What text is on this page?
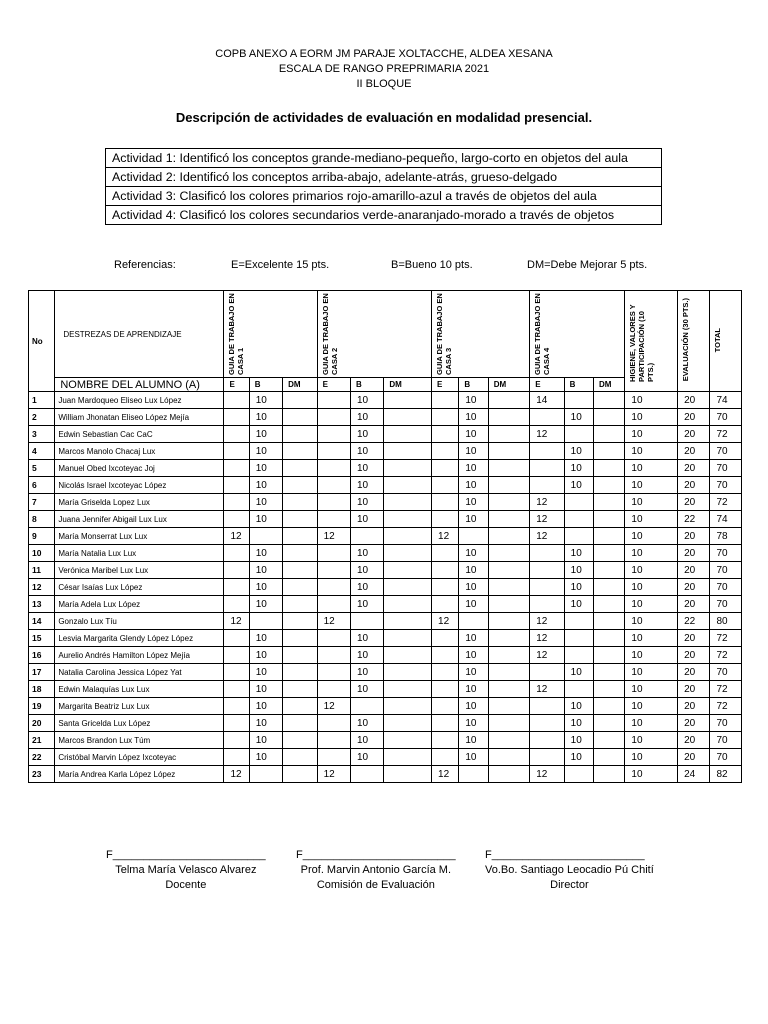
COPB ANEXO A EORM JM PARAJE XOLTACCHE, ALDEA XESANA
ESCALA DE RANGO PREPRIMARIA 2021
II BLOQUE
Descripción de actividades de evaluación en modalidad presencial.
Actividad 1: Identificó los conceptos grande-mediano-pequeño, largo-corto en objetos del aula
Actividad 2: Identificó los conceptos arriba-abajo, adelante-atrás, grueso-delgado
Actividad 3: Clasificó los colores primarios rojo-amarillo-azul a través de objetos del aula
Actividad 4: Clasificó los colores secundarios verde-anaranjado-morado a través de objetos
Referencias:	E=Excelente 15 pts.	B=Bueno 10 pts.	DM=Debe Mejorar 5 pts.
No	DESTREZAS DE APRENDIZAJE	GUIA DE TRABAJO EN CASA 1			GUIA DE TRABAJO EN CASA 2			GUIA DE TRABAJO EN CASA 3			GUIA DE TRABAJO EN CASA 4			HIGIENE, VALORES Y PARTICIPACIÓN (10 PTS.)	EVALUACIÓN (30 PTS.)	TOTAL
	NOMBRE DEL ALUMNO (A)	E	B	DM	E	B	DM	E	B	DM	E	B	DM			
1	Juan Mardoqueo Eliseo Lux López		10			10			10		14			10	20	74
2	William Jhonatan Eliseo López Mejía		10			10			10			10		10	20	70
3	Edwin Sebastian Cac CaC		10			10			10		12			10	20	72
4	Marcos Manolo Chacaj Lux		10			10			10			10		10	20	70
5	Manuel Obed Ixcoteyac Joj		10			10			10			10		10	20	70
6	Nicolás Israel Ixcoteyac López		10			10			10			10		10	20	70
7	María Griselda Lopez Lux		10			10			10		12			10	20	72
8	Juana Jennifer Abigail Lux Lux		10			10			10		12			10	22	74
9	María Monserrat Lux Lux	12			12			12			12			10	20	78
10	María Natalia Lux Lux		10			10			10			10		10	20	70
11	Verónica Maribel Lux Lux		10			10			10			10		10	20	70
12	César Isaías Lux López		10			10			10			10		10	20	70
13	María Adela Lux López		10			10			10			10		10	20	70
14	Gonzalo Lux Tíu	12			12			12			12			10	22	80
15	Lesvia Margarita Glendy López López		10			10			10		12			10	20	72
16	Aurelio Andrés Hamilton López Mejía		10			10			10		12			10	20	72
17	Natalia Carolina Jessica López Yat		10			10			10			10		10	20	70
18	Edwin Malaquías Lux Lux		10			10			10		12			10	20	72
19	Margarita Beatriz Lux Lux		10		12				10			10		10	20	72
20	Santa Gricelda Lux López		10			10			10			10		10	20	70
21	Marcos Brandon Lux Túm		10			10			10			10		10	20	70
22	Cristóbal Marvin López Ixcoteyac		10			10			10			10		10	20	70
23	María Andrea Karla López López	12			12			12			12			10	24	82
F_________________________
Telma María Velasco Alvarez
Docente
F_________________________
Prof. Marvin Antonio García M.
Comisión de Evaluación
F_________________________
Vo.Bo. Santiago Leocadio Pú Chití
Director
